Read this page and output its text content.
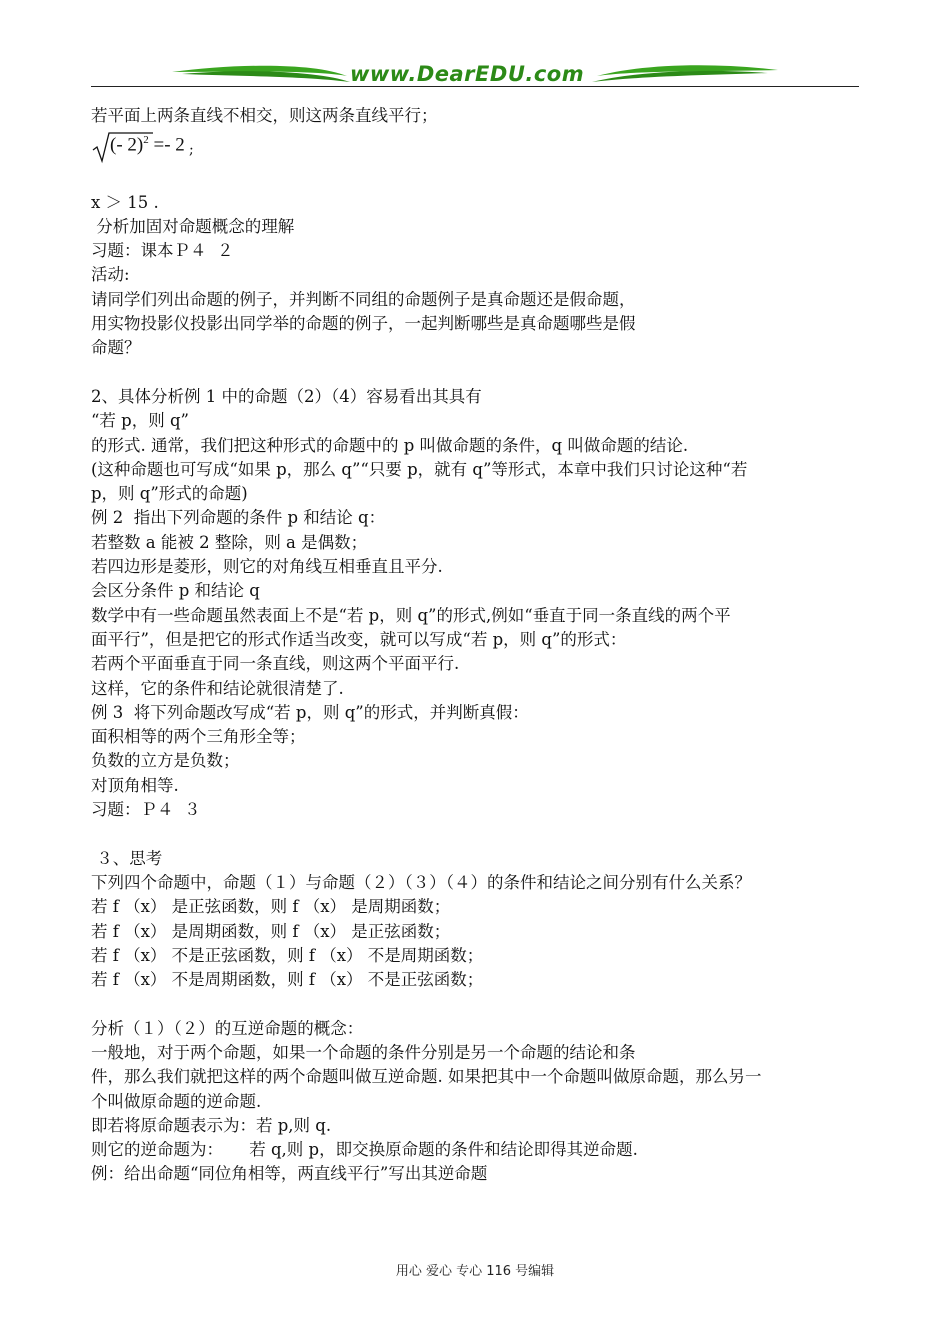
www.DearEDU.com
若平面上两条直线不相交，则这两条直线平行；
(- 2)$^2$ =- 2 ;
x ＞ 15 .
分析加固对命题概念的理解
习题：课本Ｐ４  ２
活动:
请同学们列出命题的例子，并判断不同组的命题例子是真命题还是假命题，
用实物投影仪投影出同学举的命题的例子，一起判断哪些是真命题哪些是假
命题？
2、具体分析例 1 中的命题（2）（4）容易看出其具有
“若 p，则 q”
的形式. 通常，我们把这种形式的命题中的 p 叫做命题的条件，q 叫做命题的结论.
(这种命题也可写成“如果 p，那么 q”“只要 p，就有 q”等形式，本章中我们只讨论这种“若
p，则 q”形式的命题)
例 2  指出下列命题的条件 p 和结论 q：
若整数 a 能被 2 整除，则 a 是偶数；
若四边形是菱形，则它的对角线互相垂直且平分.
会区分条件 p 和结论 q
数学中有一些命题虽然表面上不是“若 p，则 q”的形式,例如“垂直于同一条直线的两个平
面平行”，但是把它的形式作适当改变，就可以写成“若 p，则 q”的形式：
若两个平面垂直于同一条直线，则这两个平面平行.
这样，它的条件和结论就很清楚了.
例 3  将下列命题改写成“若 p，则 q”的形式，并判断真假：
面积相等的两个三角形全等；
负数的立方是负数；
对顶角相等.
习题：Ｐ４  ３
３、思考
下列四个命题中，命题（１）与命题（２）（３）（４）的条件和结论之间分别有什么关系？
若 f （x） 是正弦函数，则 f （x） 是周期函数；
若 f （x） 是周期函数，则 f （x） 是正弦函数；
若 f （x） 不是正弦函数，则 f （x） 不是周期函数；
若 f （x） 不是周期函数，则 f （x） 不是正弦函数；
分析（１）（２）的互逆命题的概念：
一般地，对于两个命题，如果一个命题的条件分别是另一个命题的结论和条
件，那么我们就把这样的两个命题叫做互逆命题. 如果把其中一个命题叫做原命题，那么另一
个叫做原命题的逆命题.
即若将原命题表示为：若 p,则 q.
则它的逆命题为：     若 q,则 p，即交换原命题的条件和结论即得其逆命题.
例：给出命题“同位角相等，两直线平行”写出其逆命题
用心 爱心 专心 116 号编辑
